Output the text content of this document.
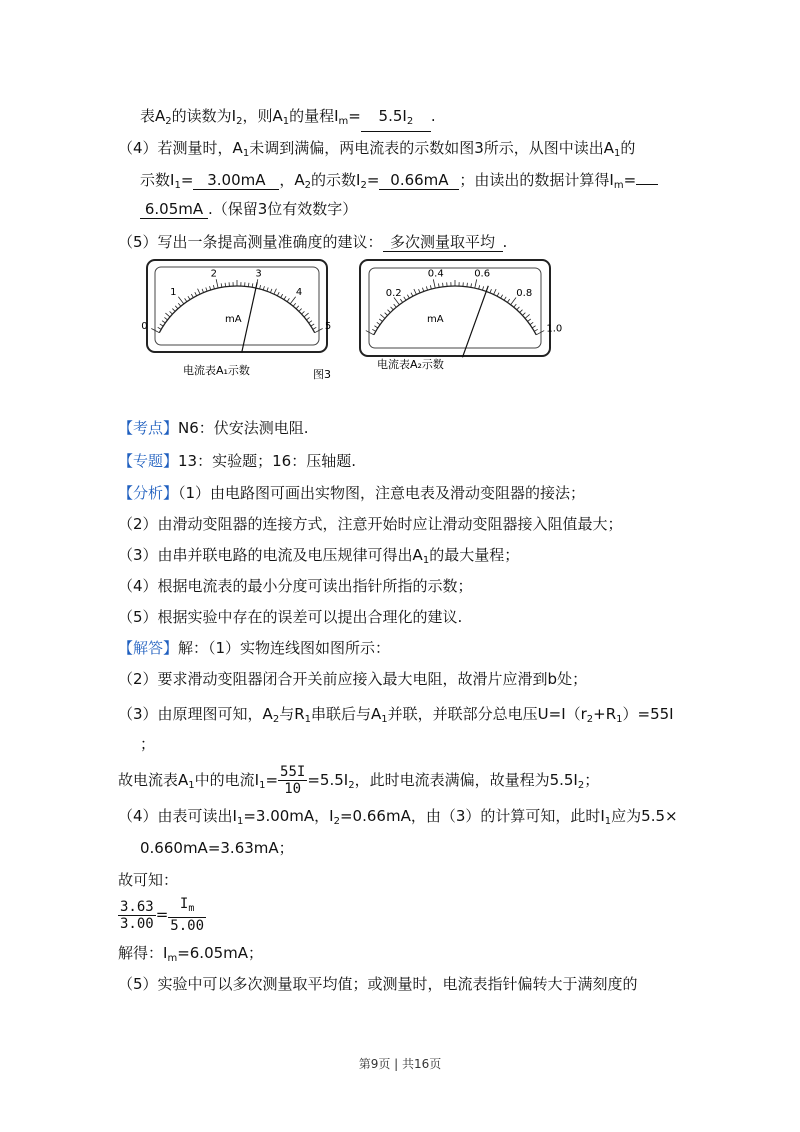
表$A_2$的读数为$I_2$，则$A_1$的量程$I_m= 5.5I_2$ .
（4）若测量时，$A_1$未调到满偏，两电流表的示数如图3所示，从图中读出$A_1$的
示数$I_1= 3.00mA$ ，$A_2$的示数$I_2= 0.66mA$ ；由读出的数据计算得$I_m=$
6.05mA .（保留3位有效数字）
（5）写出一条提高测量准确度的建议： 多次测量取平均 .
0
1
2	3
4
5
mA
0.2
0.4	0.6
0.8
1.0
mA
电流表A₁示数	图3
电流表A₂示数
【考点】N6：伏安法测电阻.
【专题】13：实验题；16：压轴题.
【分析】（1）由电路图可画出实物图，注意电表及滑动变阻器的接法；
（2）由滑动变阻器的连接方式，注意开始时应让滑动变阻器接入阻值最大；
（3）由串并联电路的电流及电压规律可得出$A_1$的最大量程；
（4）根据电流表的最小分度可读出指针所指的示数；
（5）根据实验中存在的误差可以提出合理化的建议.
【解答】解：（1）实物连线图如图所示：
（2）要求滑动变阻器闭合开关前应接入最大电阻，故滑片应滑到b处；
（3）由原理图可知，$A_2$与$R_1$串联后与$A_1$并联，并联部分总电压$U=I(r_2+R_1)=55I$
；
故电流表$A_1$中的电流$I_1= \frac{55I}{10} =5.5I_2$，此时电流表满偏，故量程为$5.5I_2$；
（4）由表可读出$I_1=3.00mA$，$I_2=0.66mA$，由（3）的计算可知，此时$I_1$应为5.5×
0.660mA=3.63mA；
故可知：
$\frac{3.63}{3.00} = \frac{I_m}{5.00}$
解得：$I_m=6.05mA$；
（5）实验中可以多次测量取平均值；或测量时，电流表指针偏转大于满刻度的
第9页 | 共16页
